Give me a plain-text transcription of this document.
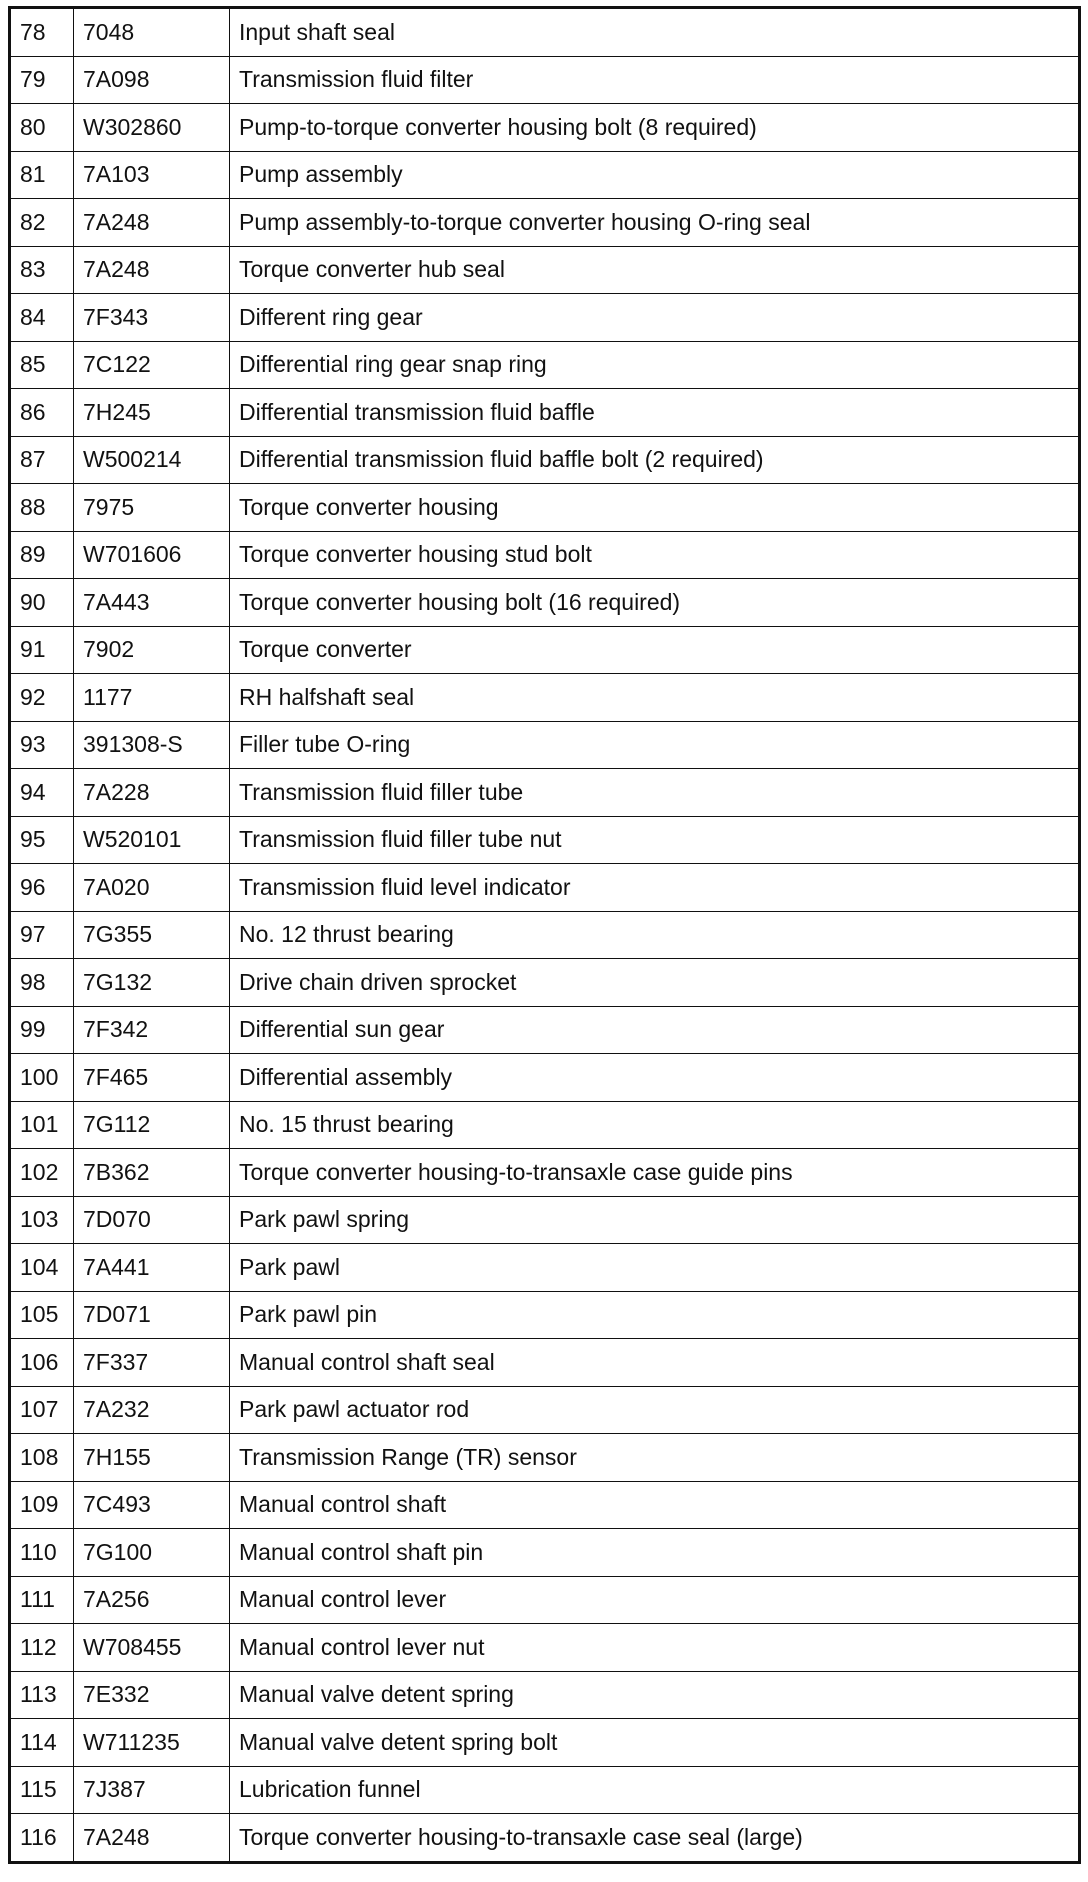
78	7048	Input shaft seal
79	7A098	Transmission fluid filter
80	W302860	Pump-to-torque converter housing bolt (8 required)
81	7A103	Pump assembly
82	7A248	Pump assembly-to-torque converter housing O-ring seal
83	7A248	Torque converter hub seal
84	7F343	Different ring gear
85	7C122	Differential ring gear snap ring
86	7H245	Differential transmission fluid baffle
87	W500214	Differential transmission fluid baffle bolt (2 required)
88	7975	Torque converter housing
89	W701606	Torque converter housing stud bolt
90	7A443	Torque converter housing bolt (16 required)
91	7902	Torque converter
92	1177	RH halfshaft seal
93	391308-S	Filler tube O-ring
94	7A228	Transmission fluid filler tube
95	W520101	Transmission fluid filler tube nut
96	7A020	Transmission fluid level indicator
97	7G355	No. 12 thrust bearing
98	7G132	Drive chain driven sprocket
99	7F342	Differential sun gear
100	7F465	Differential assembly
101	7G112	No. 15 thrust bearing
102	7B362	Torque converter housing-to-transaxle case guide pins
103	7D070	Park pawl spring
104	7A441	Park pawl
105	7D071	Park pawl pin
106	7F337	Manual control shaft seal
107	7A232	Park pawl actuator rod
108	7H155	Transmission Range (TR) sensor
109	7C493	Manual control shaft
110	7G100	Manual control shaft pin
111	7A256	Manual control lever
112	W708455	Manual control lever nut
113	7E332	Manual valve detent spring
114	W711235	Manual valve detent spring bolt
115	7J387	Lubrication funnel
116	7A248	Torque converter housing-to-transaxle case seal (large)
